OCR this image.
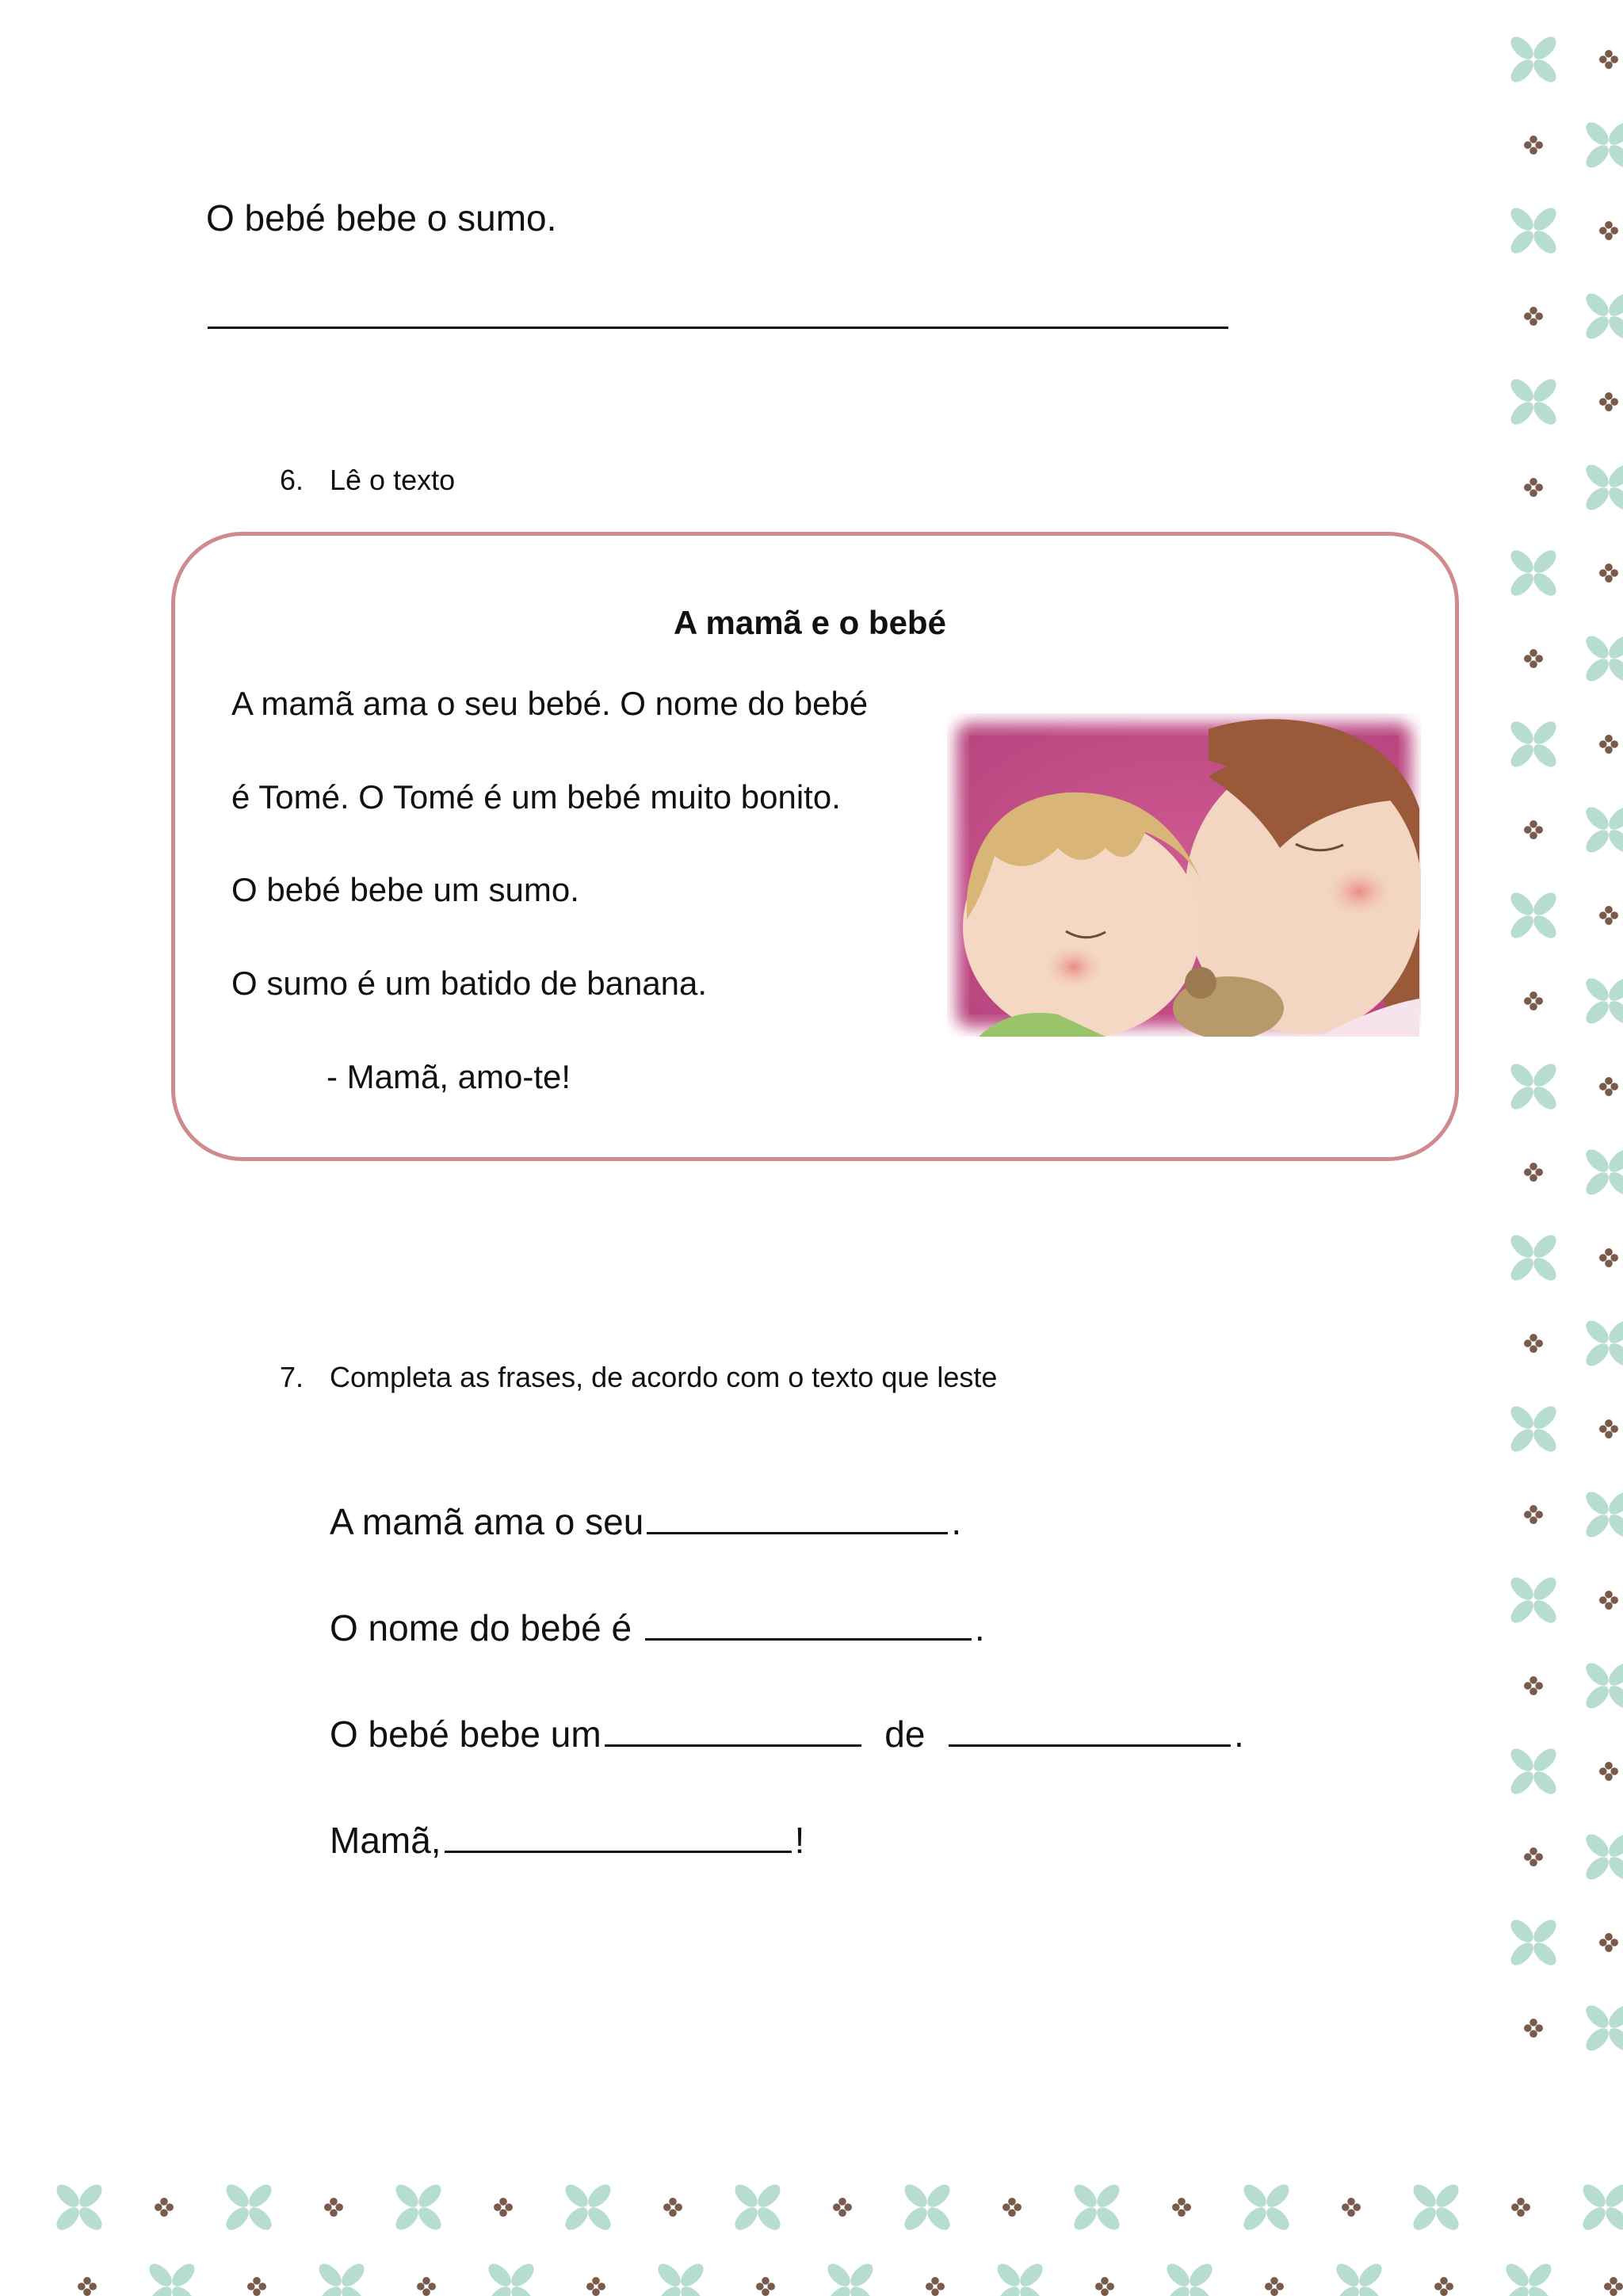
O bebé bebe o sumo.
6. Lê o texto
A mamã e o bebé
A mamã ama o seu bebé. O nome do bebé
é Tomé. O Tomé é um bebé muito bonito.
O bebé bebe um sumo.
O sumo é um batido de banana.
- Mamã, amo-te!
7. Completa as frases, de acordo com o texto que leste
A mamã ama o seu	.
O nome do bebé é	.
O bebé bebe um	de	.
Mamã,	!
